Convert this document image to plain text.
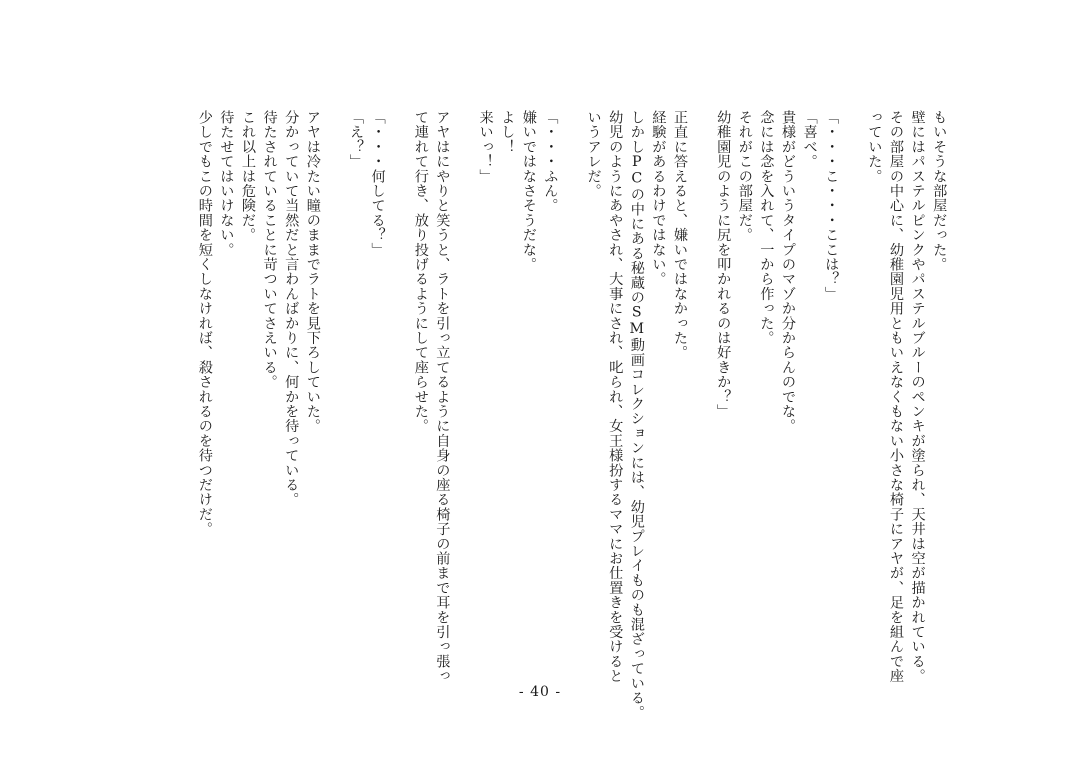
もいそうな部屋だった。
壁にはパステルピンクやパステルブルーのペンキが塗られ、天井は空が描かれている。
その部屋の中心に、幼稚園児用ともいえなくもない小さな椅子にアヤが、足を組んで座
っていた。
「・・・こ・・・ここは？」
「喜べ。
貴様がどういうタイプのマゾか分からんのでな。
念には念を入れて、一から作った。
それがこの部屋だ。
幼稚園児のように尻を叩かれるのは好きか？」
正直に答えると、嫌いではなかった。
経験があるわけではない。
しかしPCの中にある秘蔵のSM動画コレクションには、幼児プレイものも混ざっている。
幼児のようにあやされ、大事にされ、叱られ、女王様扮するママにお仕置きを受けると
いうアレだ。
「・・・ふん。
嫌いではなさそうだな。
よし！
来いっ！」
アヤはにやりと笑うと、ラトを引っ立てるように自身の座る椅子の前まで耳を引っ張っ
て連れて行き、放り投げるようにして座らせた。
「・・・何してる？」
「え？」
アヤは冷たい瞳のままでラトを見下ろしていた。
分かっていて当然だと言わんばかりに、何かを待っている。
待たされていることに苛ついてさえいる。
これ以上は危険だ。
待たせてはいけない。
少しでもこの時間を短くしなければ、殺されるのを待つだけだ。
- 40 -
